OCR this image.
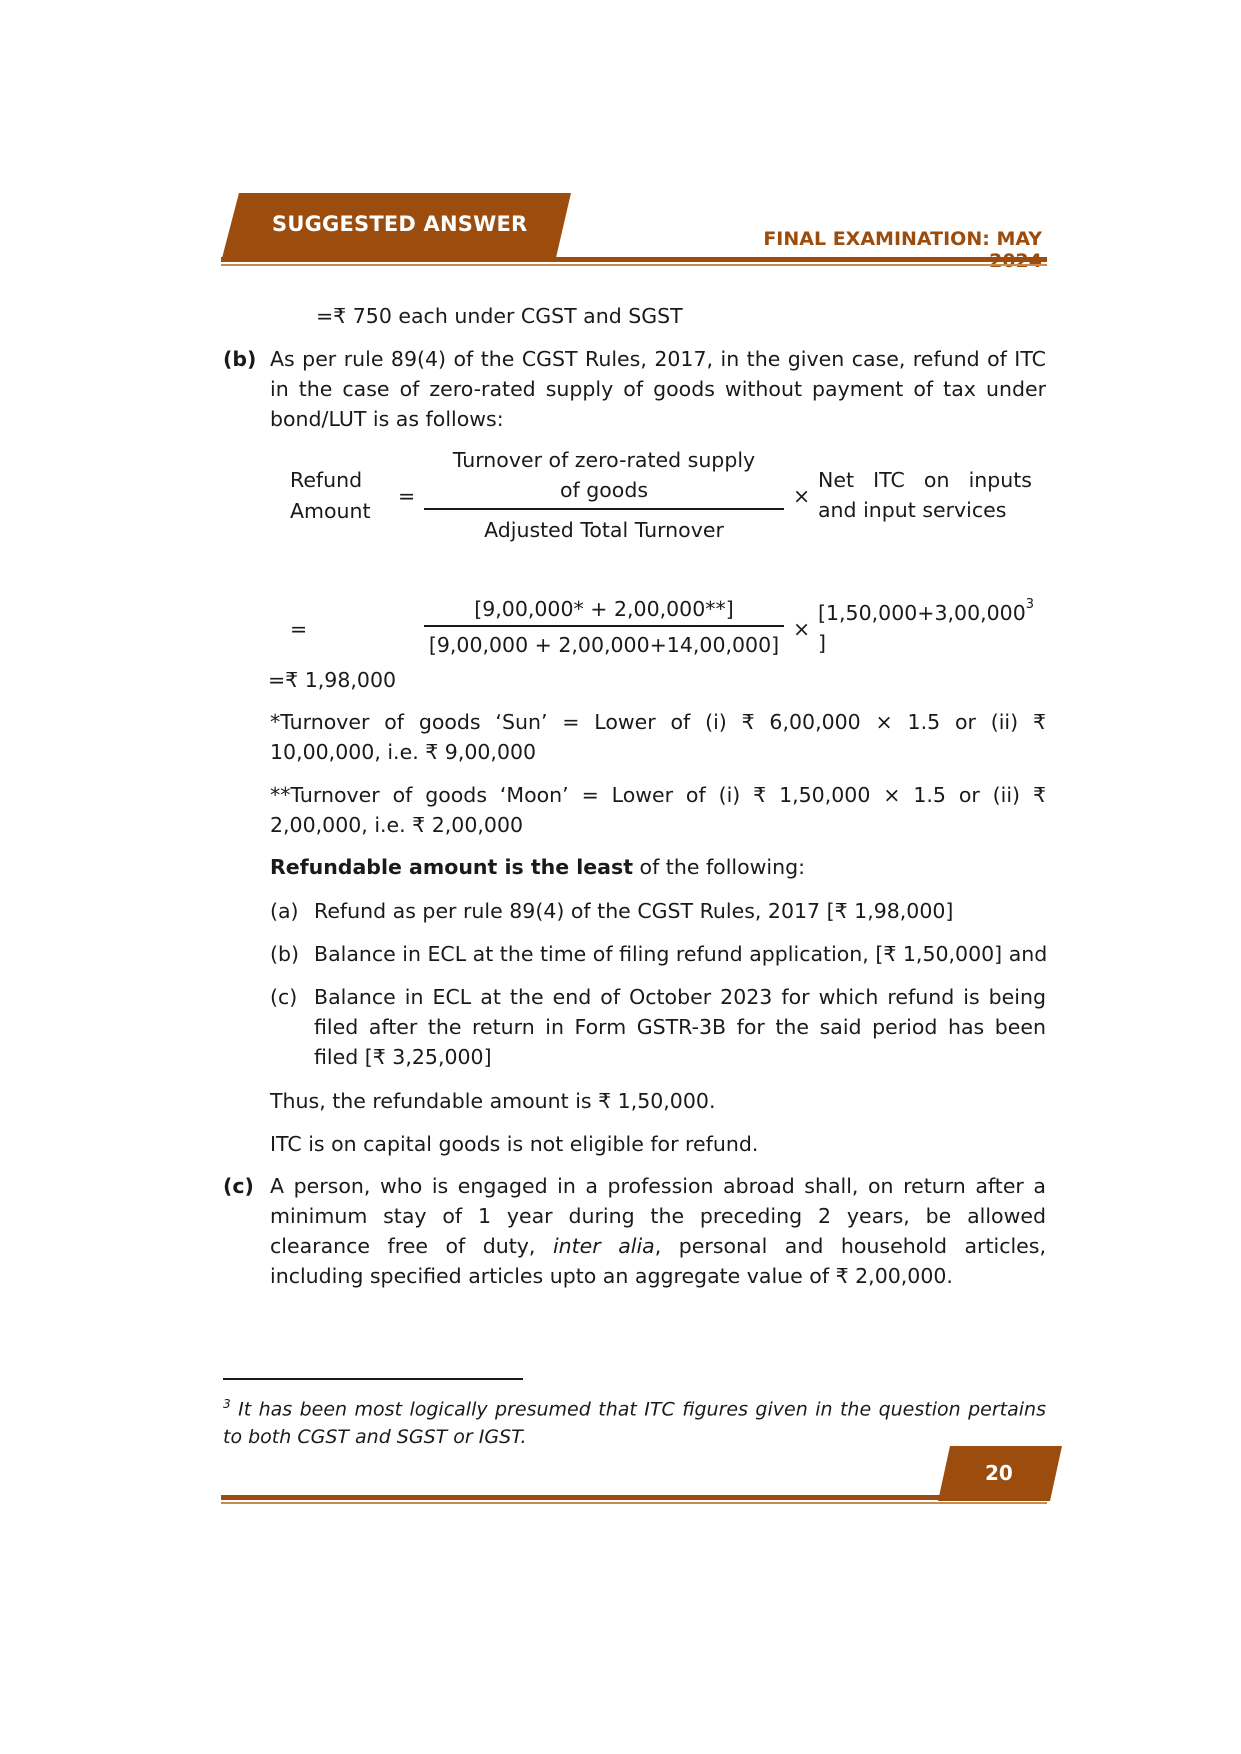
SUGGESTED ANSWER
FINAL EXAMINATION: MAY

=₹ 750 each under CGST and SGST

(b) As per rule 89(4) of the CGST Rules, 2017, in the given case, refund of ITC in the case of zero-rated supply of goods without payment of tax under bond/LUT is as follows:

Refund
Amount
=
Turnover of zero-rated supply
of goods
Adjusted Total Turnover
×
Net ITC on inputs and input services
=
[9,00,000* + 2,00,000**]
[9,00,000 + 2,00,000+14,00,000]
×
[$1,50,000+3,00,000^3$
]

=₹ 1,98,000

*Turnover of goods ‘Sun’ = Lower of (i) ₹ 6,00,000 × 1.5 or (ii) ₹ 10,00,000, i.e. ₹ 9,00,000

**Turnover of goods ‘Moon’ = Lower of (i) ₹ 1,50,000 × 1.5 or (ii) ₹ 2,00,000, i.e. ₹ 2,00,000

Refundable amount is the least of the following:

(a) Refund as per rule 89(4) of the CGST Rules, 2017 [₹ 1,98,000]

(b) Balance in ECL at the time of filing refund application, [₹ 1,50,000] and

(c) Balance in ECL at the end of October 2023 for which refund is being filed after the return in Form GSTR-3B for the said period has been filed [₹ 3,25,000]

Thus, the refundable amount is ₹ 1,50,000.

ITC is on capital goods is not eligible for refund.

(c) A person, who is engaged in a profession abroad shall, on return after a minimum stay of 1 year during the preceding 2 years, be allowed clearance free of duty, inter alia, personal and household articles, including specified articles upto an aggregate value of ₹ 2,00,000.

$^3$ It has been most logically presumed that ITC figures given in the question pertains to both CGST and SGST or IGST.

20
